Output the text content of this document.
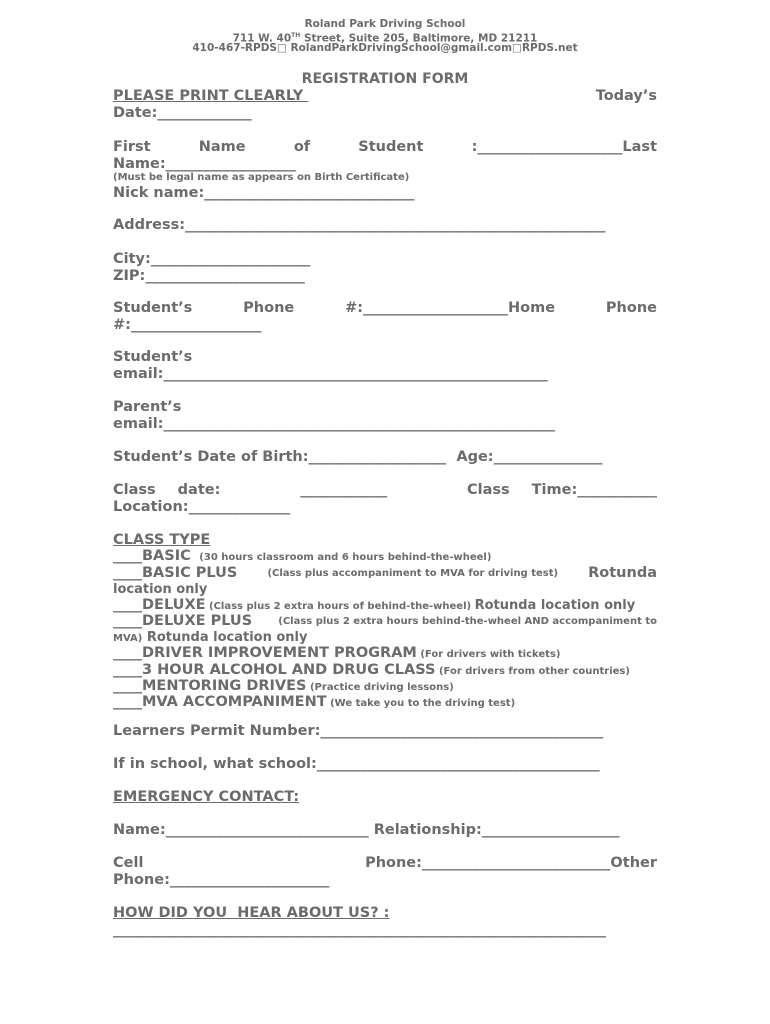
Roland Park Driving School
711 W. 40TH Street, Suite 205, Baltimore, MD 21211
410-467-RPDS□ RolandParkDrivingSchool@gmail.com□RPDS.net
REGISTRATION FORM
PLEASE PRINT CLEARLY	Today’s
Date:_____________
First	Name	of	Student	:____________________Last
Name:__________________
(Must be legal name as appears on Birth Certificate)
Nick name:_____________________________
Address:__________________________________________________________
City:______________________
ZIP:______________________
Student’s	Phone	#:____________________Home	Phone
#:__________________
Student’s
email:_____________________________________________________
Parent’s
email:______________________________________________________
Student’s Date of Birth:___________________  Age:_______________
Class date:	____________	Class Time:___________
Location:______________
CLASS TYPE
____BASIC  (30 hours classroom and 6 hours behind-the-wheel)
____BASIC PLUS	(Class plus accompaniment to MVA for driving test) Rotunda
location only
____DELUXE (Class plus 2 extra hours of behind-the-wheel) Rotunda location only
____DELUXE PLUS	(Class plus 2 extra hours behind-the-wheel AND accompaniment to
MVA) Rotunda location only
____DRIVER IMPROVEMENT PROGRAM (For drivers with tickets)
____3 HOUR ALCOHOL AND DRUG CLASS (For drivers from other countries)
____MENTORING DRIVES (Practice driving lessons)
____MVA ACCOMPANIMENT (We take you to the driving test)
Learners Permit Number:_______________________________________
If in school, what school:_______________________________________
EMERGENCY CONTACT:
Name:____________________________ Relationship:___________________
Cell	Phone:__________________________Other
Phone:______________________
HOW DID YOU  HEAR ABOUT US? :
____________________________________________________________________
